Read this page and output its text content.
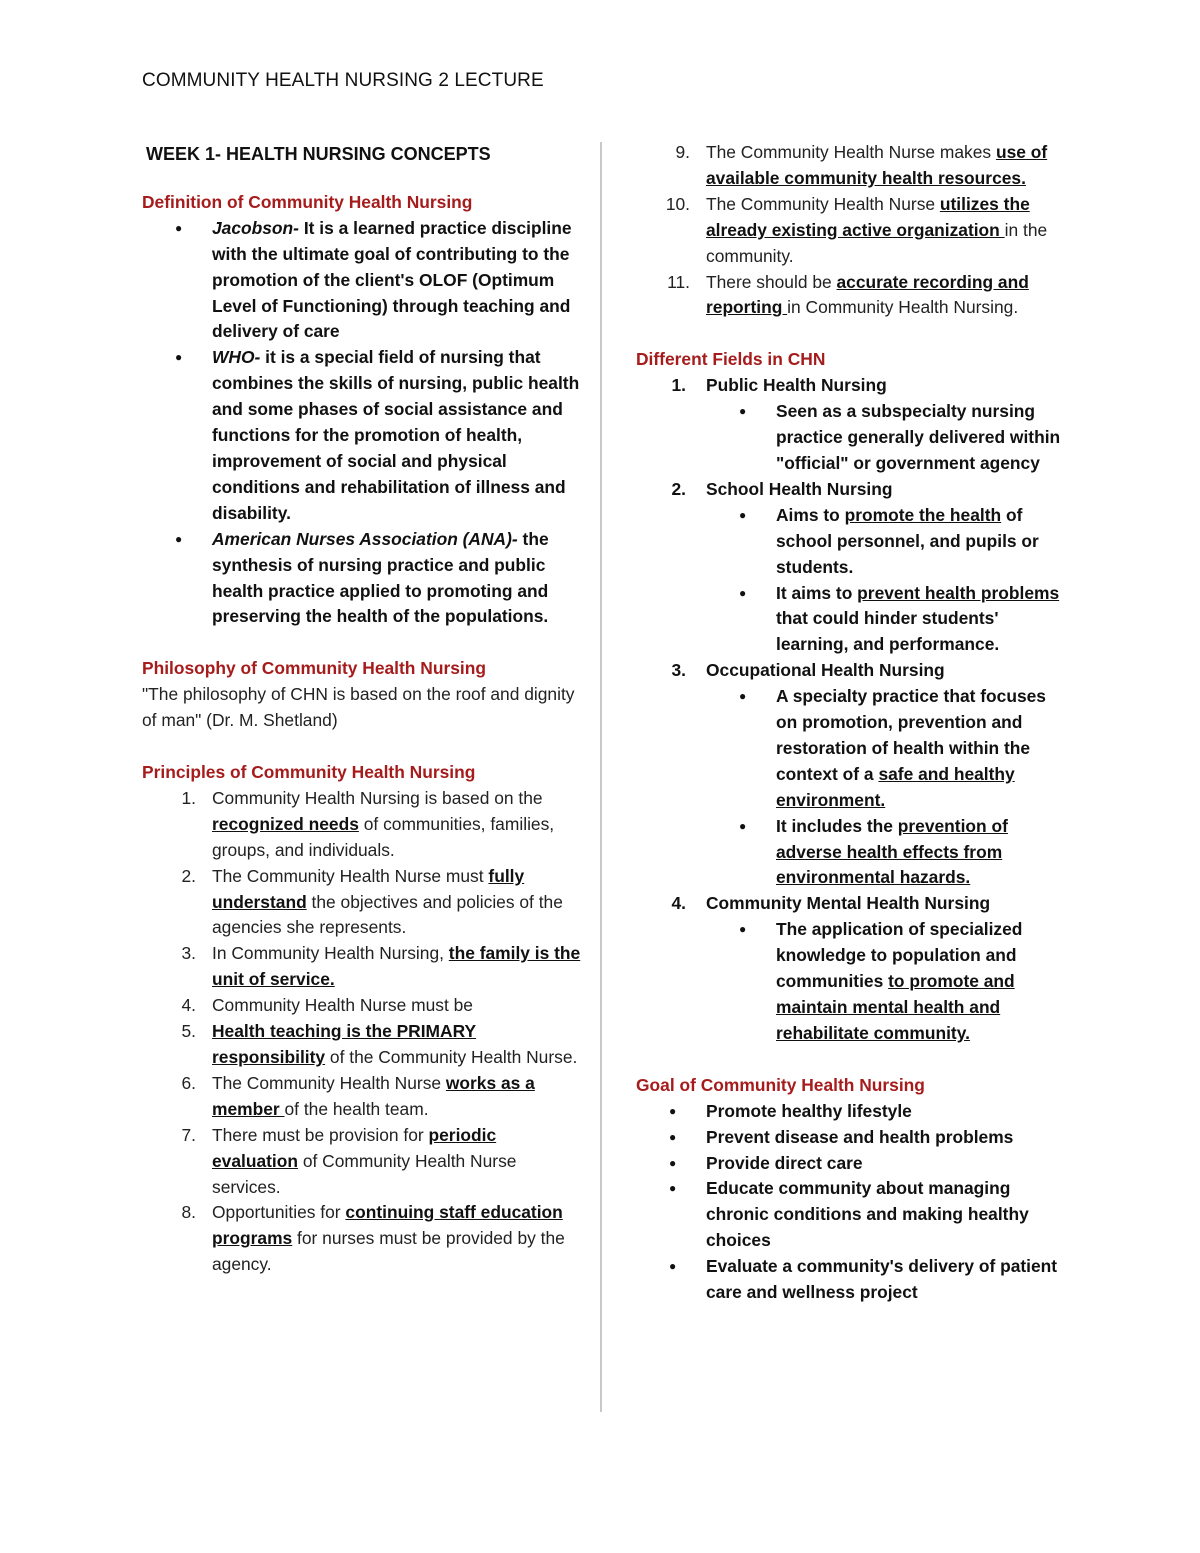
COMMUNITY HEALTH NURSING 2 LECTURE
WEEK 1- HEALTH NURSING CONCEPTS
Definition of Community Health Nursing
● Jacobson- It is a learned practice discipline with the ultimate goal of contributing to the promotion of the client's OLOF (Optimum Level of Functioning) through teaching and delivery of care
● WHO- it is a special field of nursing that combines the skills of nursing, public health and some phases of social assistance and functions for the promotion of health, improvement of social and physical conditions and rehabilitation of illness and disability.
● American Nurses Association (ANA)- the synthesis of nursing practice and public health practice applied to promoting and preserving the health of the populations.
Philosophy of Community Health Nursing
"The philosophy of CHN is based on the roof and dignity of man" (Dr. M. Shetland)
Principles of Community Health Nursing
1. Community Health Nursing is based on the recognized needs of communities, families, groups, and individuals.
2. The Community Health Nurse must fully understand the objectives and policies of the agencies she represents.
3. In Community Health Nursing, the family is the unit of service.
4. Community Health Nurse must be
5. Health teaching is the PRIMARY responsibility of the Community Health Nurse.
6. The Community Health Nurse works as a member of the health team.
7. There must be provision for periodic evaluation of Community Health Nurse services.
8. Opportunities for continuing staff education programs for nurses must be provided by the agency.
9. The Community Health Nurse makes use of available community health resources.
10. The Community Health Nurse utilizes the already existing active organization in the community.
11. There should be accurate recording and reporting in Community Health Nursing.
Different Fields in CHN
1. Public Health Nursing
● Seen as a subspecialty nursing practice generally delivered within "official" or government agency
2. School Health Nursing
● Aims to promote the health of school personnel, and pupils or students.
● It aims to prevent health problems that could hinder students' learning, and performance.
3. Occupational Health Nursing
● A specialty practice that focuses on promotion, prevention and restoration of health within the context of a safe and healthy environment.
● It includes the prevention of adverse health effects from environmental hazards.
4. Community Mental Health Nursing
● The application of specialized knowledge to population and communities to promote and maintain mental health and rehabilitate community.
Goal of Community Health Nursing
● Promote healthy lifestyle
● Prevent disease and health problems
● Provide direct care
● Educate community about managing chronic conditions and making healthy choices
● Evaluate a community's delivery of patient care and wellness project
